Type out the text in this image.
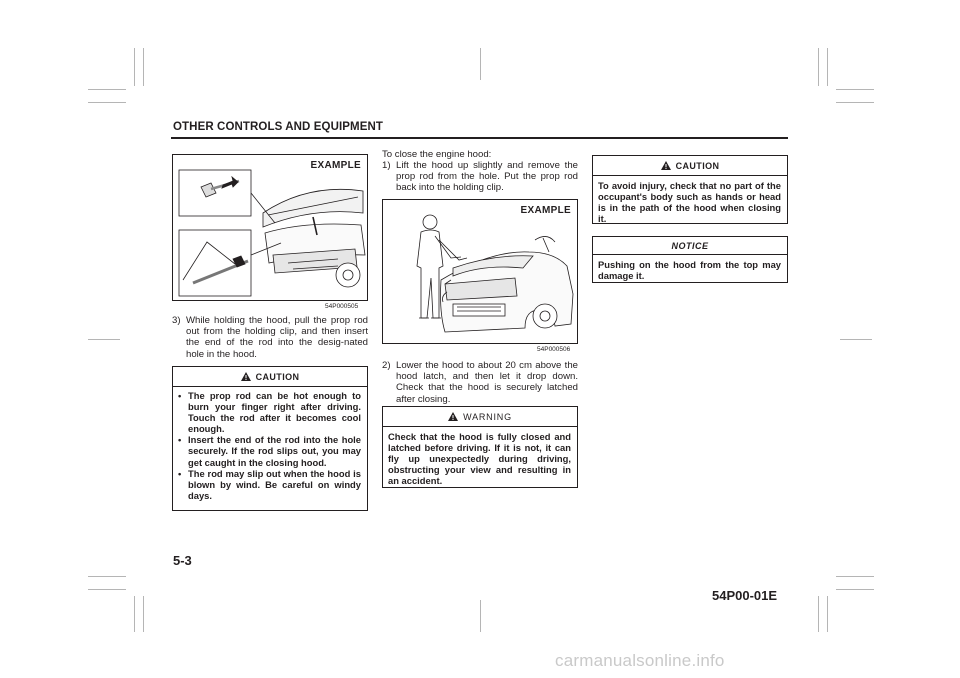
OTHER CONTROLS AND EQUIPMENT
EXAMPLE
54P000505
3) While holding the hood, pull the prop rod out from the holding clip, and then insert the end of the rod into the desig-nated hole in the hood.
CAUTION
• The prop rod can be hot enough to burn your finger right after driving. Touch the rod after it becomes cool enough.
• Insert the end of the rod into the hole securely. If the rod slips out, you may get caught in the closing hood.
• The rod may slip out when the hood is blown by wind. Be careful on windy days.
To close the engine hood:
1) Lift the hood up slightly and remove the prop rod from the hole. Put the prop rod back into the holding clip.
EXAMPLE
54P000506
2) Lower the hood to about 20 cm above the hood latch, and then let it drop down. Check that the hood is securely latched after closing.
WARNING
Check that the hood is fully closed and latched before driving. If it is not, it can fly up unexpectedly during driving, obstructing your view and resulting in an accident.
CAUTION
To avoid injury, check that no part of the occupant's body such as hands or head is in the path of the hood when closing it.
NOTICE
Pushing on the hood from the top may damage it.
5-3
54P00-01E
carmanualsonline.info
